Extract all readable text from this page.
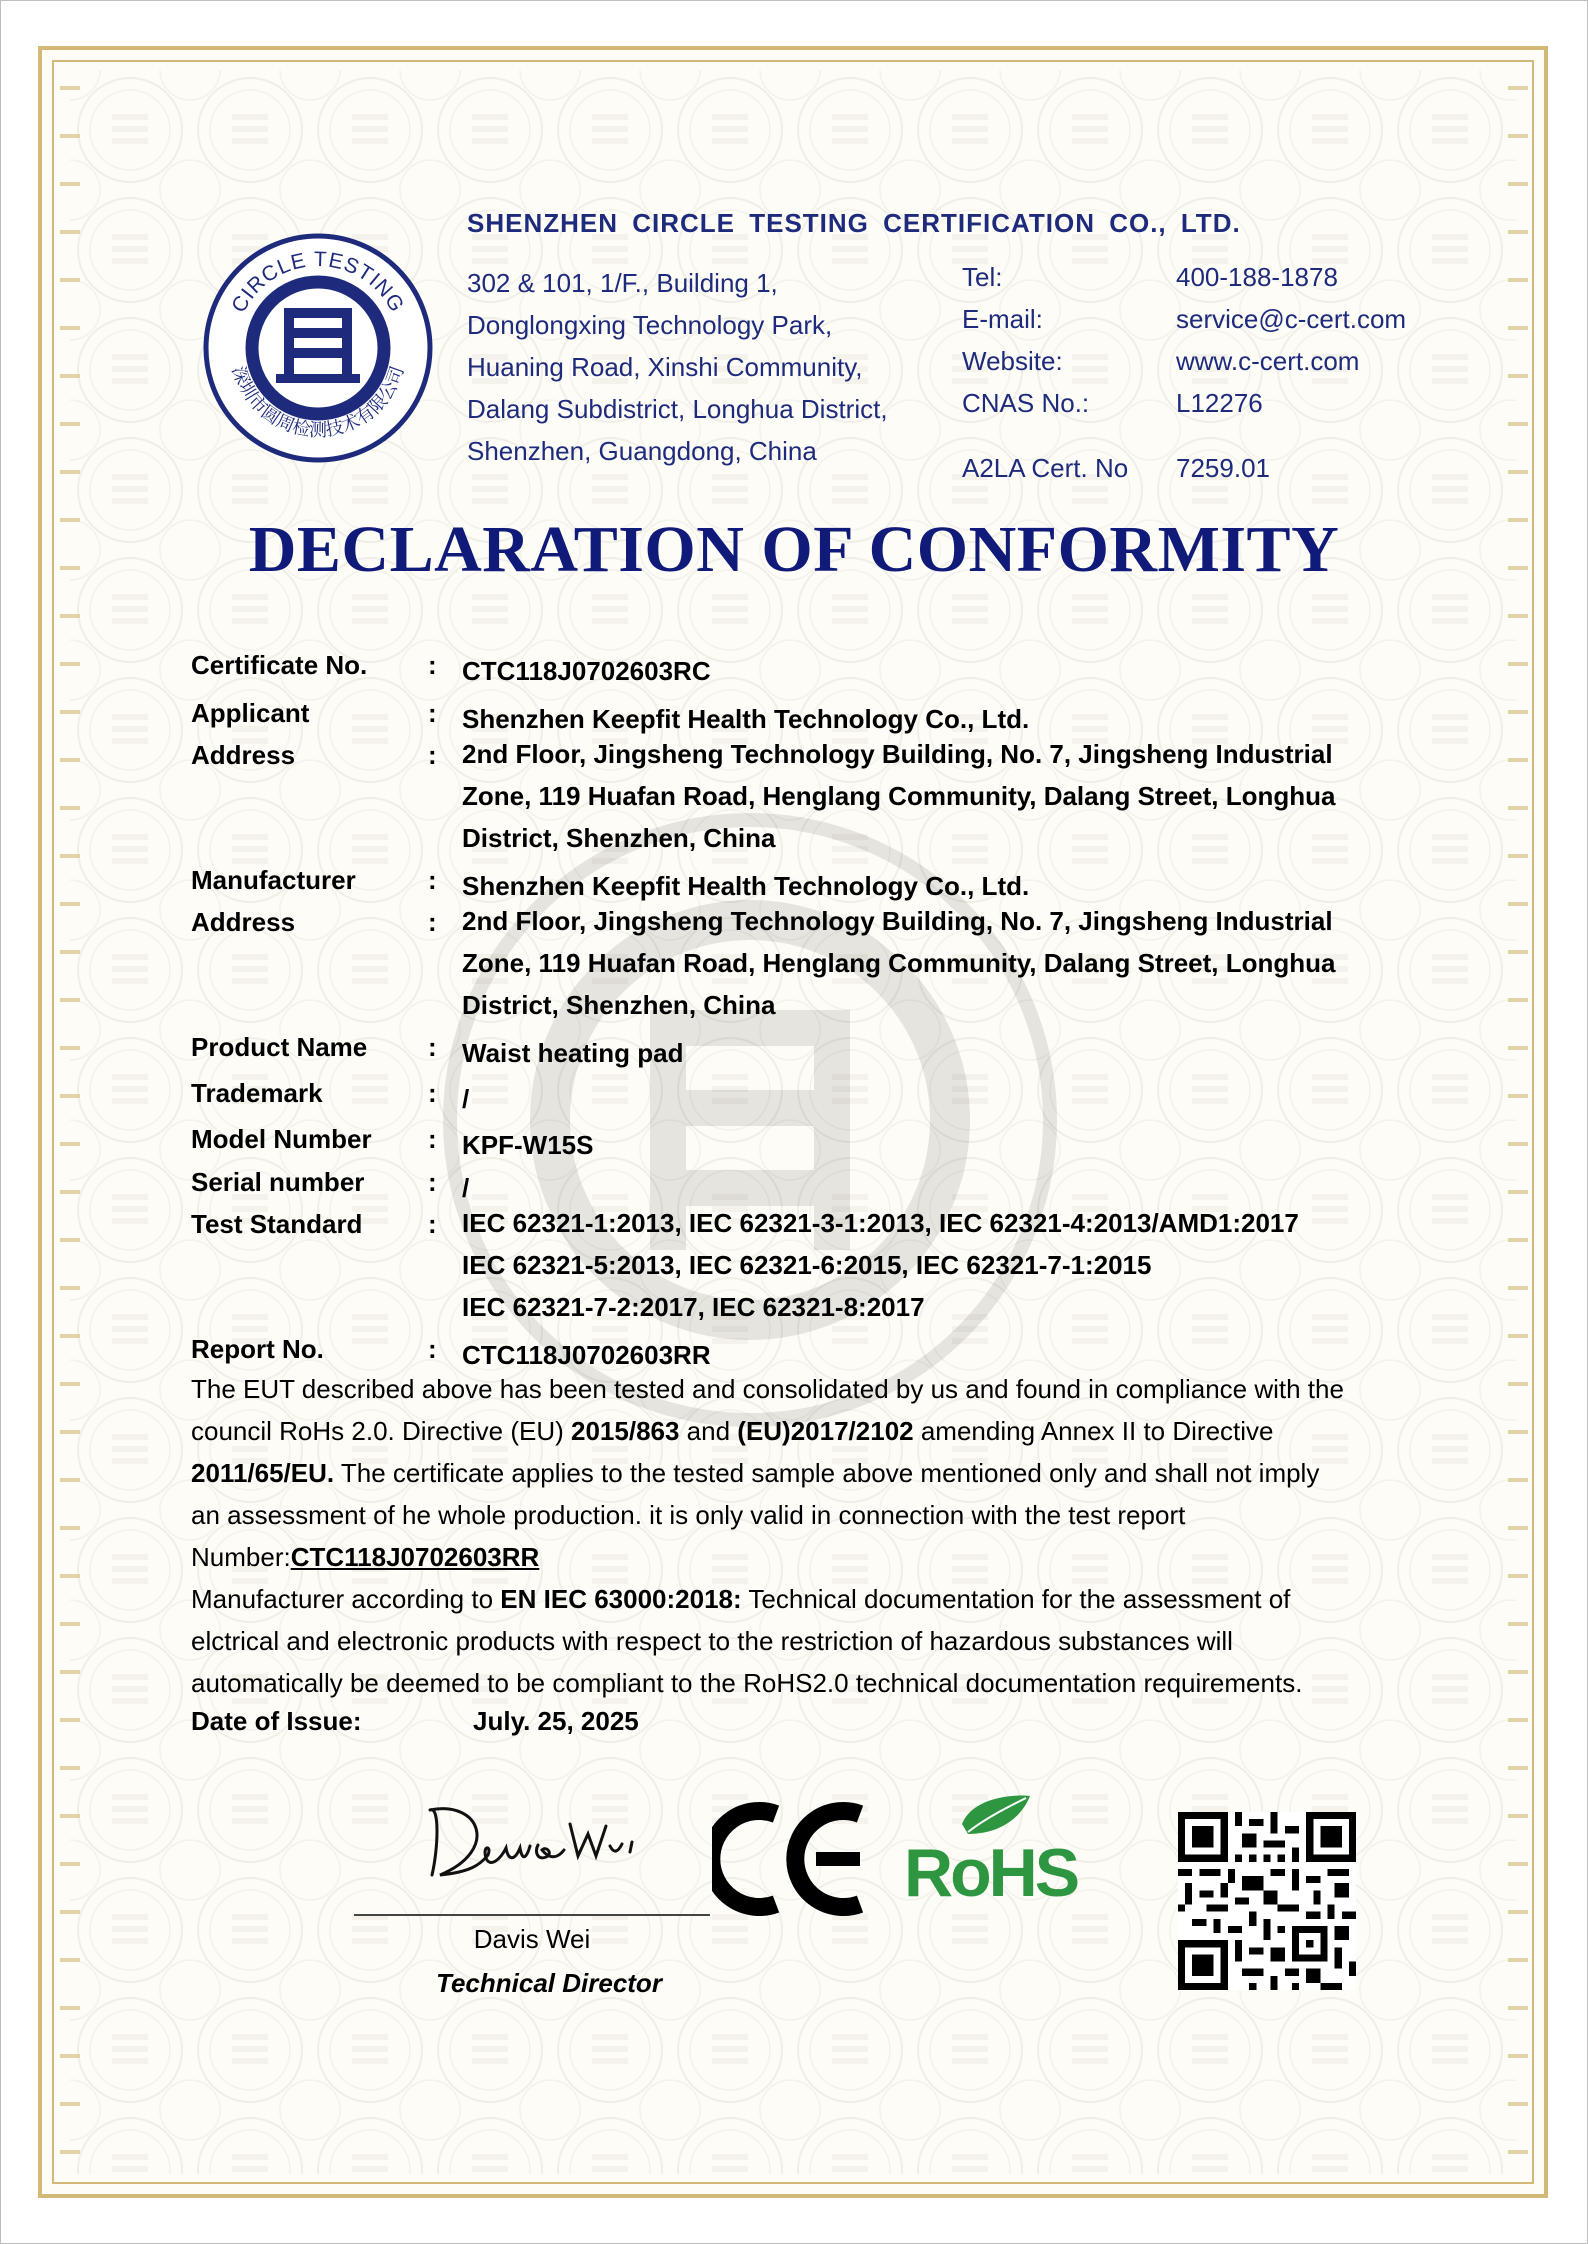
CIRCLE TESTING
深圳市圆周检测技术有限公司
SHENZHEN CIRCLE TESTING CERTIFICATION CO., LTD.
302 & 101, 1/F., Building 1,
Donglongxing Technology Park,
Huaning Road, Xinshi Community,
Dalang Subdistrict, Longhua District,
Shenzhen, Guangdong, China
Tel:	400-188-1878
E-mail:	service@c-cert.com
Website:	www.c-cert.com
CNAS No.:	L12276
A2LA Cert. No 7259.01
DECLARATION OF CONFORMITY
Certificate No. : CTC118J0702603RC
Applicant	: Shenzhen Keepfit Health Technology Co., Ltd.
Address	: 2nd Floor, Jingsheng Technology Building, No. 7, Jingsheng Industrial
Zone, 119 Huafan Road, Henglang Community, Dalang Street, Longhua
District, Shenzhen, China
Manufacturer	: Shenzhen Keepfit Health Technology Co., Ltd.
Address	: 2nd Floor, Jingsheng Technology Building, No. 7, Jingsheng Industrial
Zone, 119 Huafan Road, Henglang Community, Dalang Street, Longhua
District, Shenzhen, China
Product Name : Waist heating pad
Trademark	: /
Model Number : KPF-W15S
Serial number : /
Test Standard	: IEC 62321-1:2013, IEC 62321-3-1:2013, IEC 62321-4:2013/AMD1:2017
IEC 62321-5:2013, IEC 62321-6:2015, IEC 62321-7-1:2015
IEC 62321-7-2:2017, IEC 62321-8:2017
Report No.	: CTC118J0702603RR
The EUT described above has been tested and consolidated by us and found in compliance with the
council RoHs 2.0. Directive (EU) 2015/863 and (EU)2017/2102 amending Annex II to Directive
2011/65/EU. The certificate applies to the tested sample above mentioned only and shall not imply
an assessment of he whole production. it is only valid in connection with the test report
Number:CTC118J0702603RR
Manufacturer according to EN IEC 63000:2018: Technical documentation for the assessment of
elctrical and electronic products with respect to the restriction of hazardous substances will
automatically be deemed to be compliant to the RoHS2.0 technical documentation requirements.
Date of Issue:	July. 25, 2025
Davis Wei
Davis Wei
Technical Director
CE
RoHS
